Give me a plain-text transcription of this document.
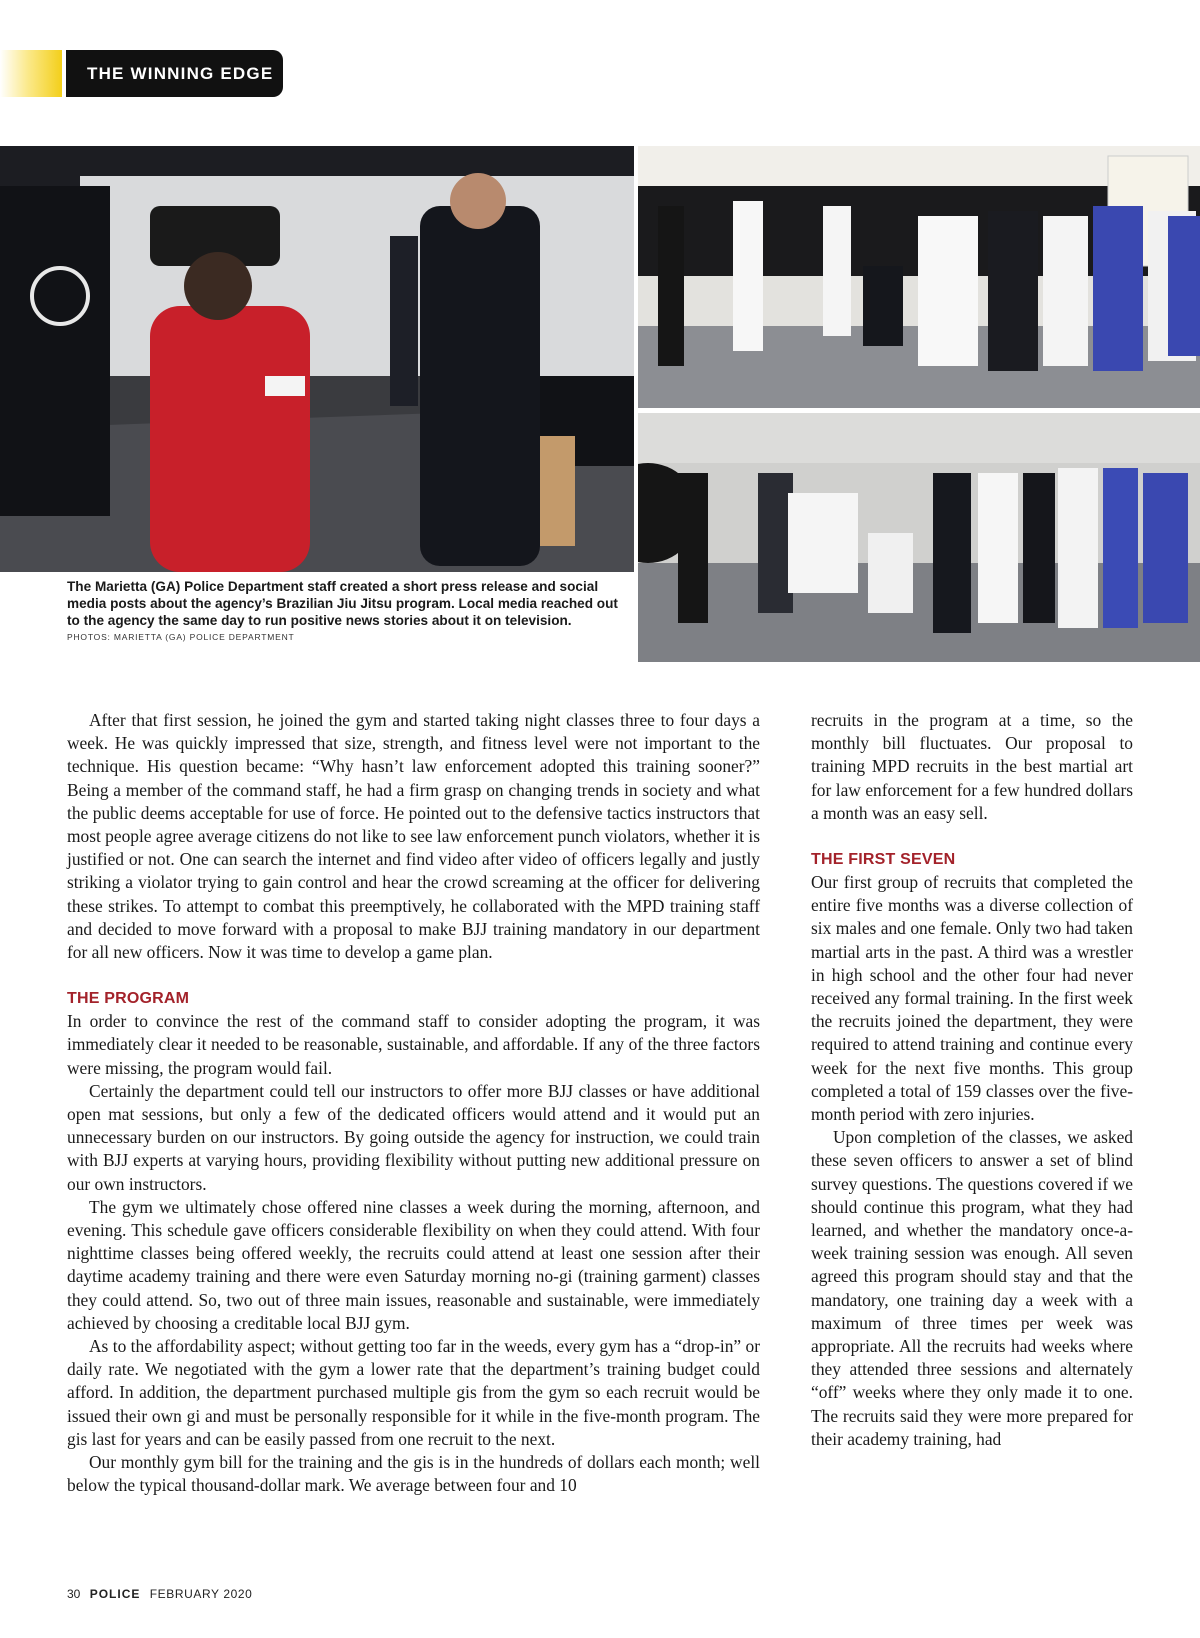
THE WINNING EDGE
The Marietta (GA) Police Department staff created a short press release and social media posts about the agency’s Brazilian Jiu Jitsu program. Local media reached out to the agency the same day to run positive news stories about it on television.
PHOTOS: MARIETTA (GA) POLICE DEPARTMENT

After that first session, he joined the gym and started taking night classes three to four days a week. He was quickly impressed that size, strength, and fitness level were not important to the technique. His question became: “Why hasn’t law enforcement adopted this training sooner?” Being a member of the command staff, he had a firm grasp on changing trends in society and what the public deems acceptable for use of force. He pointed out to the defensive tactics instructors that most people agree average citizens do not like to see law enforcement punch violators, whether it is justified or not. One can search the internet and find video after video of officers legally and justly striking a violator trying to gain control and hear the crowd screaming at the officer for delivering these strikes. To attempt to combat this preemptively, he collaborated with the MPD training staff and decided to move forward with a proposal to make BJJ training mandatory in our department for all new officers. Now it was time to develop a game plan.

THE PROGRAM

In order to convince the rest of the command staff to consider adopting the program, it was immediately clear it needed to be reasonable, sustainable, and affordable. If any of the three factors were missing, the program would fail.

Certainly the department could tell our instructors to offer more BJJ classes or have additional open mat sessions, but only a few of the dedicated officers would attend and it would put an unnecessary burden on our instructors. By going outside the agency for instruction, we could train with BJJ experts at varying hours, providing flexibility without putting new additional pressure on our own instructors.

The gym we ultimately chose offered nine classes a week during the morning, afternoon, and evening. This schedule gave officers considerable flexibility on when they could attend. With four nighttime classes being offered weekly, the recruits could attend at least one session after their daytime academy training and there were even Saturday morning no-gi (training garment) classes they could attend. So, two out of three main issues, reasonable and sustainable, were immediately achieved by choosing a creditable local BJJ gym.

As to the affordability aspect; without getting too far in the weeds, every gym has a “drop-in” or daily rate. We negotiated with the gym a lower rate that the department’s training budget could afford. In addition, the department purchased multiple gis from the gym so each recruit would be issued their own gi and must be personally responsible for it while in the five-month program. The gis last for years and can be easily passed from one recruit to the next.

Our monthly gym bill for the training and the gis is in the hundreds of dollars each month; well below the typical thousand-dollar mark. We average between four and 10

recruits in the program at a time, so the monthly bill fluctuates. Our proposal to training MPD recruits in the best martial art for law enforcement for a few hundred dollars a month was an easy sell.

THE FIRST SEVEN

Our first group of recruits that completed the entire five months was a diverse collection of six males and one female. Only two had taken martial arts in the past. A third was a wrestler in high school and the other four had never received any formal training. In the first week the recruits joined the department, they were required to attend training and continue every week for the next five months. This group completed a total of 159 classes over the five-month period with zero injuries.

Upon completion of the classes, we asked these seven officers to answer a set of blind survey questions. The questions covered if we should continue this program, what they had learned, and whether the mandatory once-a-week training session was enough. All seven agreed this program should stay and that the mandatory, one training day a week with a maximum of three times per week was appropriate. All the recruits had weeks where they attended three sessions and alternately “off” weeks where they only made it to one. The recruits said they were more prepared for their academy training, had

30 POLICE FEBRUARY 2020
